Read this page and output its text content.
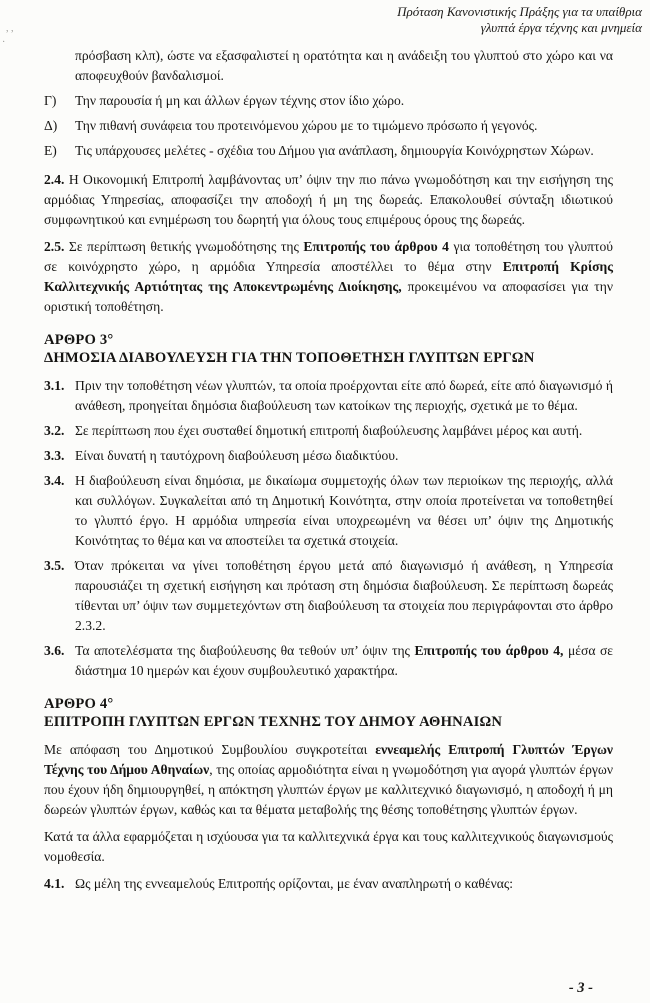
, ,
·
Πρόταση Κανονιστικής Πράξης για τα υπαίθρια
γλυπτά έργα τέχνης και μνημεία

πρόσβαση κλπ), ώστε να εξασφαλιστεί η ορατότητα και η ανάδειξη του γλυπτού στο χώρο και να αποφευχθούν βανδαλισμοί.

Γ)	Την παρουσία ή μη και άλλων έργων τέχνης στον ίδιο χώρο.
Δ)	Την πιθανή συνάφεια του προτεινόμενου χώρου με το τιμώμενο πρόσωπο ή γεγονός.
Ε)	Τις υπάρχουσες μελέτες - σχέδια του Δήμου για ανάπλαση, δημιουργία Κοινόχρηστων Χώρων.

2.4. Η Οικονομική Επιτροπή λαμβάνοντας υπ’ όψιν την πιο πάνω γνωμοδότηση και την εισήγηση της αρμόδιας Υπηρεσίας, αποφασίζει την αποδοχή ή μη της δωρεάς. Επακολουθεί σύνταξη ιδιωτικού συμφωνητικού και ενημέρωση του δωρητή για όλους τους επιμέρους όρους της δωρεάς.

2.5. Σε περίπτωση θετικής γνωμοδότησης της Επιτροπής του άρθρου 4 για τοποθέτηση του γλυπτού σε κοινόχρηστο χώρο, η αρμόδια Υπηρεσία αποστέλλει το θέμα στην Επιτροπή Κρίσης Καλλιτεχνικής Αρτιότητας της Αποκεντρωμένης Διοίκησης, προκειμένου να αποφασίσει για την οριστική τοποθέτηση.

ΑΡΘΡΟ 3°
ΔΗΜΟΣΙΑ ΔΙΑΒΟΥΛΕΥΣΗ ΓΙΑ ΤΗΝ ΤΟΠΟΘΕΤΗΣΗ ΓΛΥΠΤΩΝ ΕΡΓΩΝ
3.1. Πριν την τοποθέτηση νέων γλυπτών, τα οποία προέρχονται είτε από δωρεά, είτε από διαγωνισμό ή ανάθεση, προηγείται δημόσια διαβούλευση των κατοίκων της περιοχής, σχετικά με το θέμα.
3.2. Σε περίπτωση που έχει συσταθεί δημοτική επιτροπή διαβούλευσης λαμβάνει μέρος και αυτή.
3.3. Είναι δυνατή η ταυτόχρονη διαβούλευση μέσω διαδικτύου.
3.4. Η διαβούλευση είναι δημόσια, με δικαίωμα συμμετοχής όλων των περιοίκων της περιοχής, αλλά και συλλόγων. Συγκαλείται από τη Δημοτική Κοινότητα, στην οποία προτείνεται να τοποθετηθεί το γλυπτό έργο. Η αρμόδια υπηρεσία είναι υποχρεωμένη να θέσει υπ’ όψιν της Δημοτικής Κοινότητας το θέμα και να αποστείλει τα σχετικά στοιχεία.
3.5. Όταν πρόκειται να γίνει τοποθέτηση έργου μετά από διαγωνισμό ή ανάθεση, η Υπηρεσία παρουσιάζει τη σχετική εισήγηση και πρόταση στη δημόσια διαβούλευση. Σε περίπτωση δωρεάς τίθενται υπ’ όψιν των συμμετεχόντων στη διαβούλευση τα στοιχεία που περιγράφονται στο άρθρο 2.3.2.
3.6. Τα αποτελέσματα της διαβούλευσης θα τεθούν υπ’ όψιν της Επιτροπής του άρθρου 4, μέσα σε διάστημα 10 ημερών και έχουν συμβουλευτικό χαρακτήρα.
ΑΡΘΡΟ 4°
ΕΠΙΤΡΟΠΗ ΓΛΥΠΤΩΝ ΕΡΓΩΝ ΤΕΧΝΗΣ ΤΟΥ ΔΗΜΟΥ ΑΘΗΝΑΙΩΝ

Με απόφαση του Δημοτικού Συμβουλίου συγκροτείται εννεαμελής Επιτροπή Γλυπτών Έργων Τέχνης του Δήμου Αθηναίων, της οποίας αρμοδιότητα είναι η γνωμοδότηση για αγορά γλυπτών έργων που έχουν ήδη δημιουργηθεί, η απόκτηση γλυπτών έργων με καλλιτεχνικό διαγωνισμό, η αποδοχή ή μη δωρεών γλυπτών έργων, καθώς και τα θέματα μεταβολής της θέσης τοποθέτησης γλυπτών έργων.

Κατά τα άλλα εφαρμόζεται η ισχύουσα για τα καλλιτεχνικά έργα και τους καλλιτεχνικούς διαγωνισμούς νομοθεσία.

4.1. Ως μέλη της εννεαμελούς Επιτροπής ορίζονται, με έναν αναπληρωτή ο καθένας:
- 3 -
